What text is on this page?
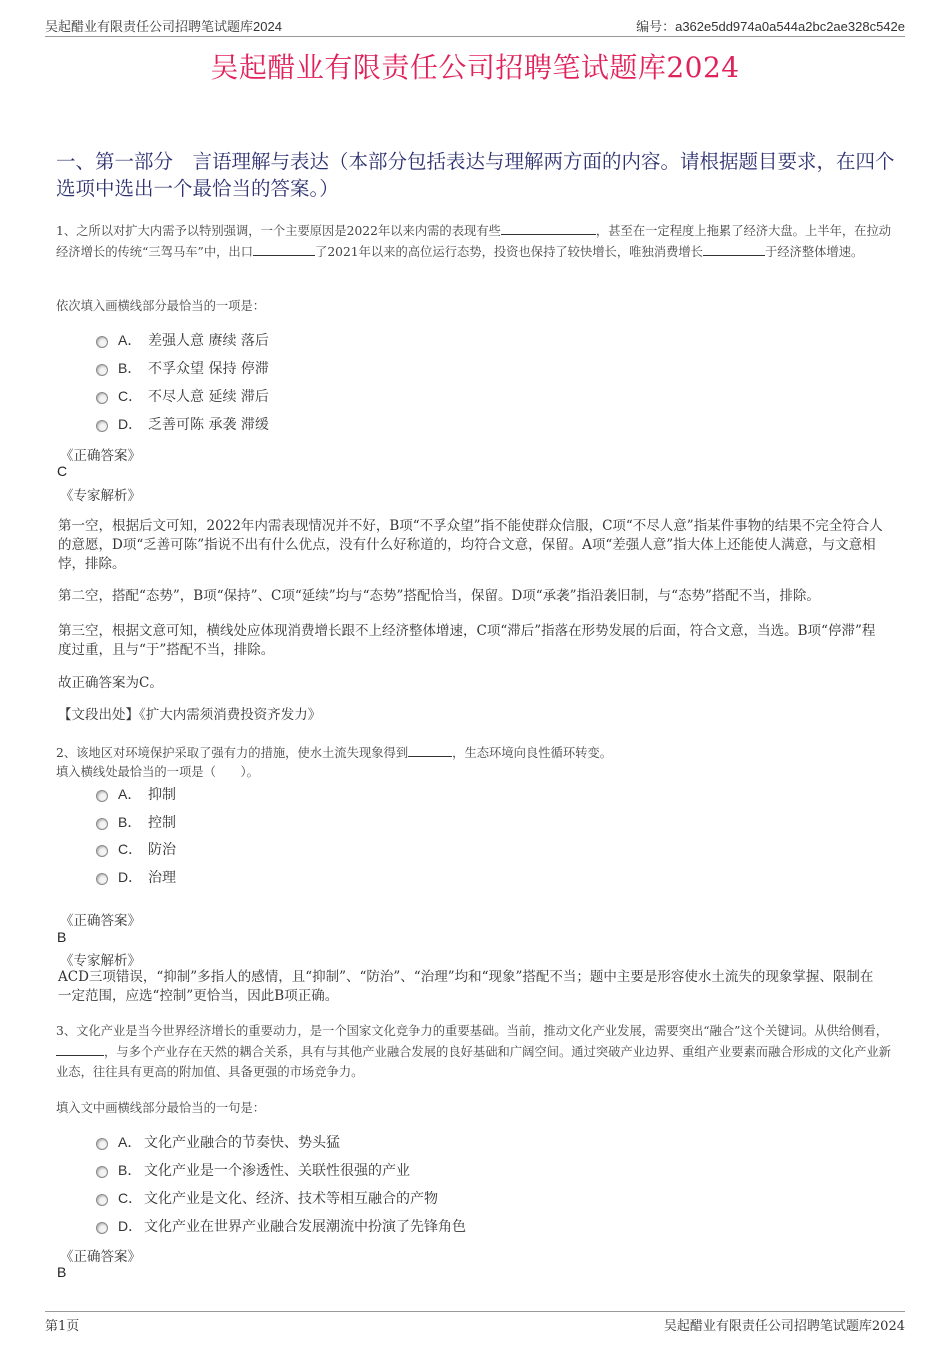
吴起醋业有限责任公司招聘笔试题库2024	编号：a362e5dd974a0a544a2bc2ae328c542e
吴起醋业有限责任公司招聘笔试题库2024
一、第一部分　言语理解与表达（本部分包括表达与理解两方面的内容。请根据题目要求，在四个选项中选出一个最恰当的答案。）
1、之所以对扩大内需予以特别强调，一个主要原因是2022年以来内需的表现有些	，甚至在一定程度上拖累了经济大盘。上半年，在拉动经济增长的传统“三驾马车”中，出口	了2021年以来的高位运行态势，投资也保持了较快增长，唯独消费增长	于经济整体增速。
依次填入画横线部分最恰当的一项是：
A． 差强人意 赓续 落后
B． 不孚众望 保持 停滞
C． 不尽人意 延续 滞后
D． 乏善可陈 承袭 滞缓
《正确答案》
C
《专家解析》
第一空，根据后文可知，2022年内需表现情况并不好，B项“不孚众望”指不能使群众信服，C项“不尽人意”指某件事物的结果不完全符合人的意愿，D项“乏善可陈”指说不出有什么优点，没有什么好称道的，均符合文意，保留。A项“差强人意”指大体上还能使人满意，与文意相悖，排除。
第二空，搭配“态势”，B项“保持”、C项“延续”均与“态势”搭配恰当，保留。D项“承袭”指沿袭旧制，与“态势”搭配不当，排除。
第三空，根据文意可知，横线处应体现消费增长跟不上经济整体增速，C项“滞后”指落在形势发展的后面，符合文意，当选。B项“停滞”程度过重，且与“于”搭配不当，排除。
故正确答案为C。
【文段出处】《扩大内需须消费投资齐发力》
2、该地区对环境保护采取了强有力的措施，使水土流失现象得到	，生态环境向良性循环转变。
填入横线处最恰当的一项是（　　）。
A． 抑制
B． 控制
C． 防治
D． 治理
《正确答案》
B
《专家解析》
ACD三项错误，“抑制”多指人的感情，且“抑制”、“防治”、“治理”均和“现象”搭配不当；题中主要是形容使水土流失的现象掌握、限制在一定范围，应选“控制”更恰当，因此B项正确。
3、文化产业是当今世界经济增长的重要动力，是一个国家文化竞争力的重要基础。当前，推动文化产业发展，需要突出“融合”这个关键词。从供给侧看，，与多个产业存在天然的耦合关系，具有与其他产业融合发展的良好基础和广阔空间。通过突破产业边界、重组产业要素而融合形成的文化产业新业态，往往具有更高的附加值、具备更强的市场竞争力。
填入文中画横线部分最恰当的一句是：
A． 文化产业融合的节奏快、势头猛
B． 文化产业是一个渗透性、关联性很强的产业
C． 文化产业是文化、经济、技术等相互融合的产物
D． 文化产业在世界产业融合发展潮流中扮演了先锋角色
《正确答案》
B
第1页	吴起醋业有限责任公司招聘笔试题库2024
